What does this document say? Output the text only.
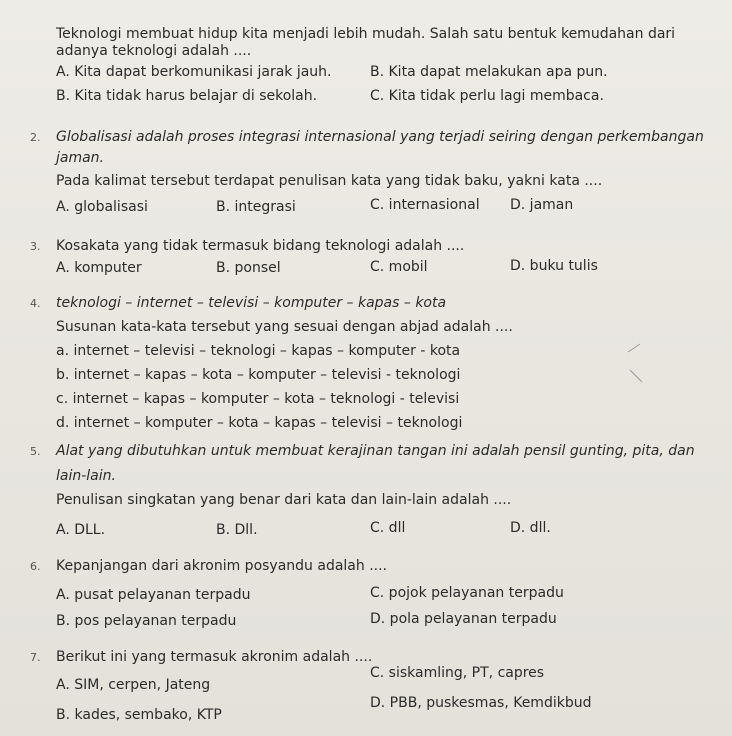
Teknologi membuat hidup kita menjadi lebih mudah. Salah satu bentuk kemudahan dari
adanya teknologi adalah ....
A. Kita dapat berkomunikasi jarak jauh.	B. Kita dapat melakukan apa pun.
B. Kita tidak harus belajar di sekolah.	C. Kita tidak perlu lagi membaca.
2. Globalisasi adalah proses integrasi internasional yang terjadi seiring dengan perkembangan
jaman.
Pada kalimat tersebut terdapat penulisan kata yang tidak baku, yakni kata ....
A. globalisasi	B. integrasi	C. internasional D. jaman
3. Kosakata yang tidak termasuk bidang teknologi adalah ....
A. komputer	B. ponsel	C. mobil	D. buku tulis
4. teknologi – internet – televisi – komputer – kapas – kota
Susunan kata-kata tersebut yang sesuai dengan abjad adalah ....
a. internet – televisi – teknologi – kapas – komputer - kota
b. internet – kapas – kota – komputer – televisi - teknologi
c. internet – kapas – komputer – kota – teknologi - televisi
d. internet – komputer – kota – kapas – televisi – teknologi
5. Alat yang dibutuhkan untuk membuat kerajinan tangan ini adalah pensil gunting, pita, dan
lain-lain.
Penulisan singkatan yang benar dari kata dan lain-lain adalah ....
A. DLL.	B. Dll.	C. dll	D. dll.
6. Kepanjangan dari akronim posyandu adalah ....
A. pusat pelayanan terpadu	C. pojok pelayanan terpadu
B. pos pelayanan terpadu	D. pola pelayanan terpadu
7. Berikut ini yang termasuk akronim adalah ....
A. SIM, cerpen, Jateng
C. siskamling, PT, capres
B. kades, sembako, KTP
D. PBB, puskesmas, Kemdikbud
